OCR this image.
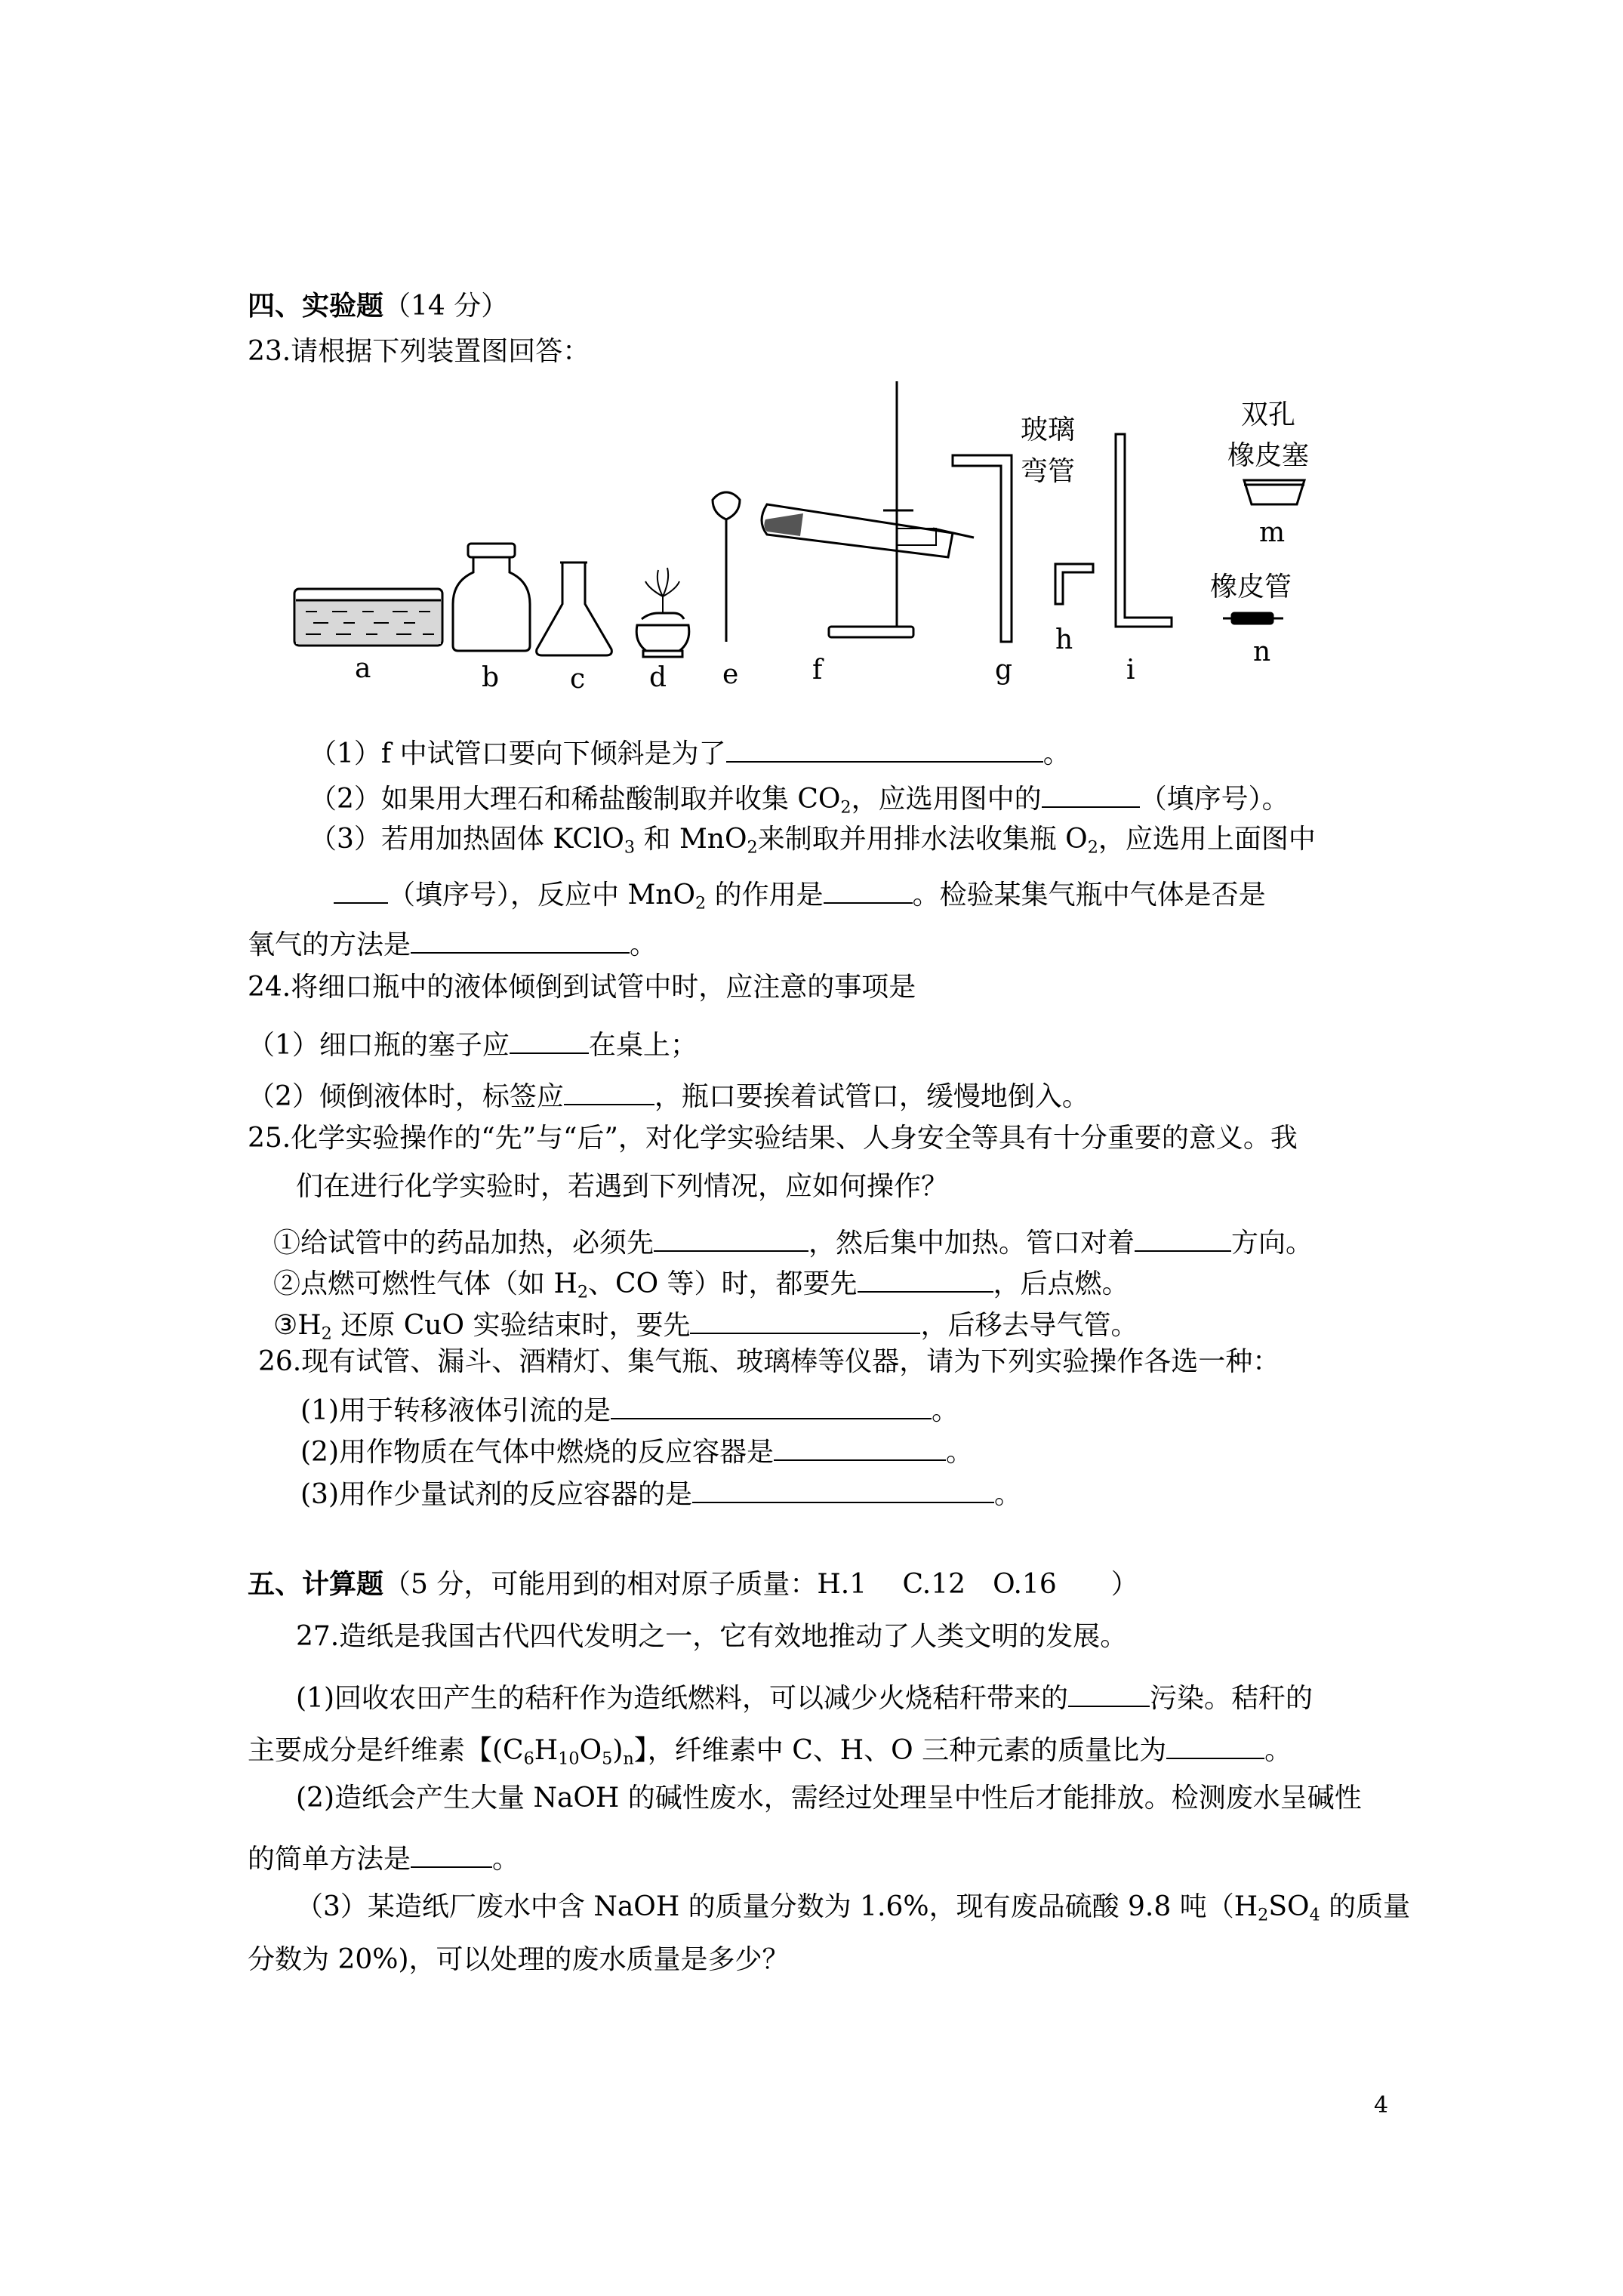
四、实验题（14 分）
23.请根据下列装置图回答：
a	b	c d e	f	g
h
i
m
n
玻璃
弯管
双孔
橡皮塞
橡皮管
（1）f 中试管口要向下倾斜是为了	。
（2）如果用大理石和稀盐酸制取并收集 $CO_2$，应选用图中的	（填序号）。
（3）若用加热固体 KClO$_3$ 和 MnO$_2$来制取并用排水法收集瓶 $O_2$，应选用上面图中
（填序号），反应中 MnO$_2$ 的作用是	。检验某集气瓶中气体是否是
氧气的方法是	。
24.将细口瓶中的液体倾倒到试管中时，应注意的事项是
（1）细口瓶的塞子应	在桌上；
（2）倾倒液体时，标签应	，瓶口要挨着试管口，缓慢地倒入。
25.化学实验操作的“先”与“后”，对化学实验结果、人身安全等具有十分重要的意义。我
们在进行化学实验时，若遇到下列情况，应如何操作？
①给试管中的药品加热，必须先	，然后集中加热。管口对着	方向。
②点燃可燃性气体（如 $H_2$、CO 等）时，都要先	，后点燃。
$③H_2$ 还原 CuO 实验结束时，要先	，后移去导气管。
26.现有试管、漏斗、酒精灯、集气瓶、玻璃棒等仪器，请为下列实验操作各选一种：
(1)用于转移液体引流的是	。
(2)用作物质在气体中燃烧的反应容器是	。
(3)用作少量试剂的反应容器的是	。
五、计算题（5 分，可能用到的相对原子质量：H.1　 C.12　O.16　　）
27.造纸是我国古代四代发明之一，它有效地推动了人类文明的发展。
(1)回收农田产生的秸秆作为造纸燃料，可以减少火烧秸秆带来的	污染。秸秆的
主要成分是纤维素【$(C_6H_{10}O_5)_n$】，纤维素中 C、H、O 三种元素的质量比为	。
(2)造纸会产生大量 NaOH 的碱性废水，需经过处理呈中性后才能排放。检测废水呈碱性
的简单方法是	。
（3）某造纸厂废水中含 NaOH 的质量分数为 1.6%，现有废品硫酸 9.8 吨（$H_2SO_4$ 的质量
分数为 20%)，可以处理的废水质量是多少？
4
